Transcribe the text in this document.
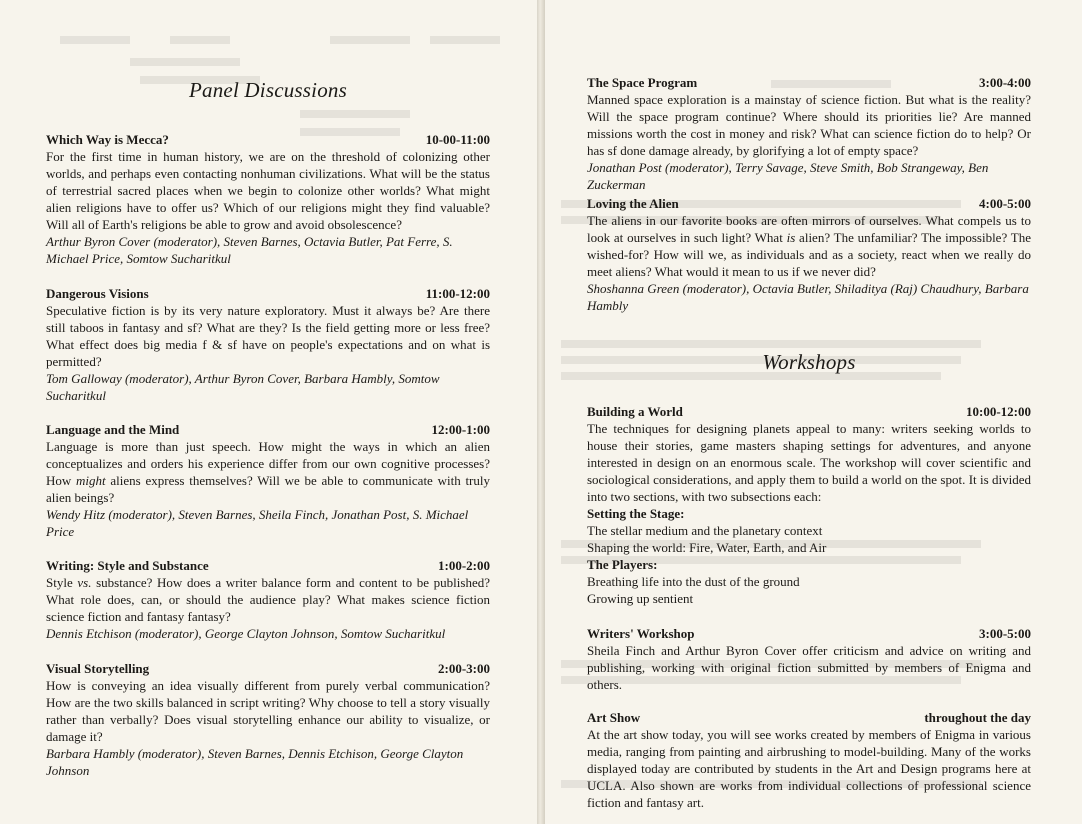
Panel Discussions
Which Way is Mecca?	10-00-11:00
For the first time in human history, we are on the threshold of colonizing other worlds, and perhaps even contacting nonhuman civilizations. What will be the status of terrestrial sacred places when we begin to colonize other worlds? What might alien religions have to offer us? Which of our religions might they find valuable? Will all of Earth's religions be able to grow and avoid obsolescence?
Arthur Byron Cover (moderator), Steven Barnes, Octavia Butler, Pat Ferre, S. Michael Price, Somtow Sucharitkul
Dangerous Visions	11:00-12:00
Speculative fiction is by its very nature exploratory. Must it always be? Are there still taboos in fantasy and sf? What are they? Is the field getting more or less free? What effect does big media f & sf have on people's expectations and on what is permitted?
Tom Galloway (moderator), Arthur Byron Cover, Barbara Hambly, Somtow Sucharitkul
Language and the Mind	12:00-1:00
Language is more than just speech. How might the ways in which an alien conceptualizes and orders his experience differ from our own cognitive processes? How might aliens express themselves? Will we be able to communicate with truly alien beings?
Wendy Hitz (moderator), Steven Barnes, Sheila Finch, Jonathan Post, S. Michael Price
Writing: Style and Substance	1:00-2:00
Style vs. substance? How does a writer balance form and content to be published? What role does, can, or should the audience play? What makes science fiction science fiction and fantasy fantasy?
Dennis Etchison (moderator), George Clayton Johnson, Somtow Sucharitkul
Visual Storytelling	2:00-3:00
How is conveying an idea visually different from purely verbal communication? How are the two skills balanced in script writing? Why choose to tell a story visually rather than verbally? Does visual storytelling enhance our ability to visualize, or damage it?
Barbara Hambly (moderator), Steven Barnes, Dennis Etchison, George Clayton Johnson
The Space Program	3:00-4:00
Manned space exploration is a mainstay of science fiction. But what is the reality? Will the space program continue? Where should its priorities lie? Are manned missions worth the cost in money and risk? What can science fiction do to help? Or has sf done damage already, by glorifying a lot of empty space?
Jonathan Post (moderator), Terry Savage, Steve Smith, Bob Strangeway, Ben Zuckerman
Loving the Alien	4:00-5:00
The aliens in our favorite books are often mirrors of ourselves. What compels us to look at ourselves in such light? What is alien? The unfamiliar? The impossible? The wished-for? How will we, as individuals and as a society, react when we really do meet aliens? What would it mean to us if we never did?
Shoshanna Green (moderator), Octavia Butler, Shiladitya (Raj) Chaudhury, Barbara Hambly
Workshops
Building a World	10:00-12:00
The techniques for designing planets appeal to many: writers seeking worlds to house their stories, game masters shaping settings for adventures, and anyone interested in design on an enormous scale. The workshop will cover scientific and sociological considerations, and apply them to build a world on the spot. It is divided into two sections, with two subsections each:
Setting the Stage:
The stellar medium and the planetary context
Shaping the world: Fire, Water, Earth, and Air
The Players:
Breathing life into the dust of the ground
Growing up sentient
Writers' Workshop	3:00-5:00
Sheila Finch and Arthur Byron Cover offer criticism and advice on writing and publishing, working with original fiction submitted by members of Enigma and others.
Art Show	throughout the day
At the art show today, you will see works created by members of Enigma in various media, ranging from painting and airbrushing to model-building. Many of the works displayed today are contributed by students in the Art and Design programs here at UCLA. Also shown are works from individual collections of professional science fiction and fantasy art.
